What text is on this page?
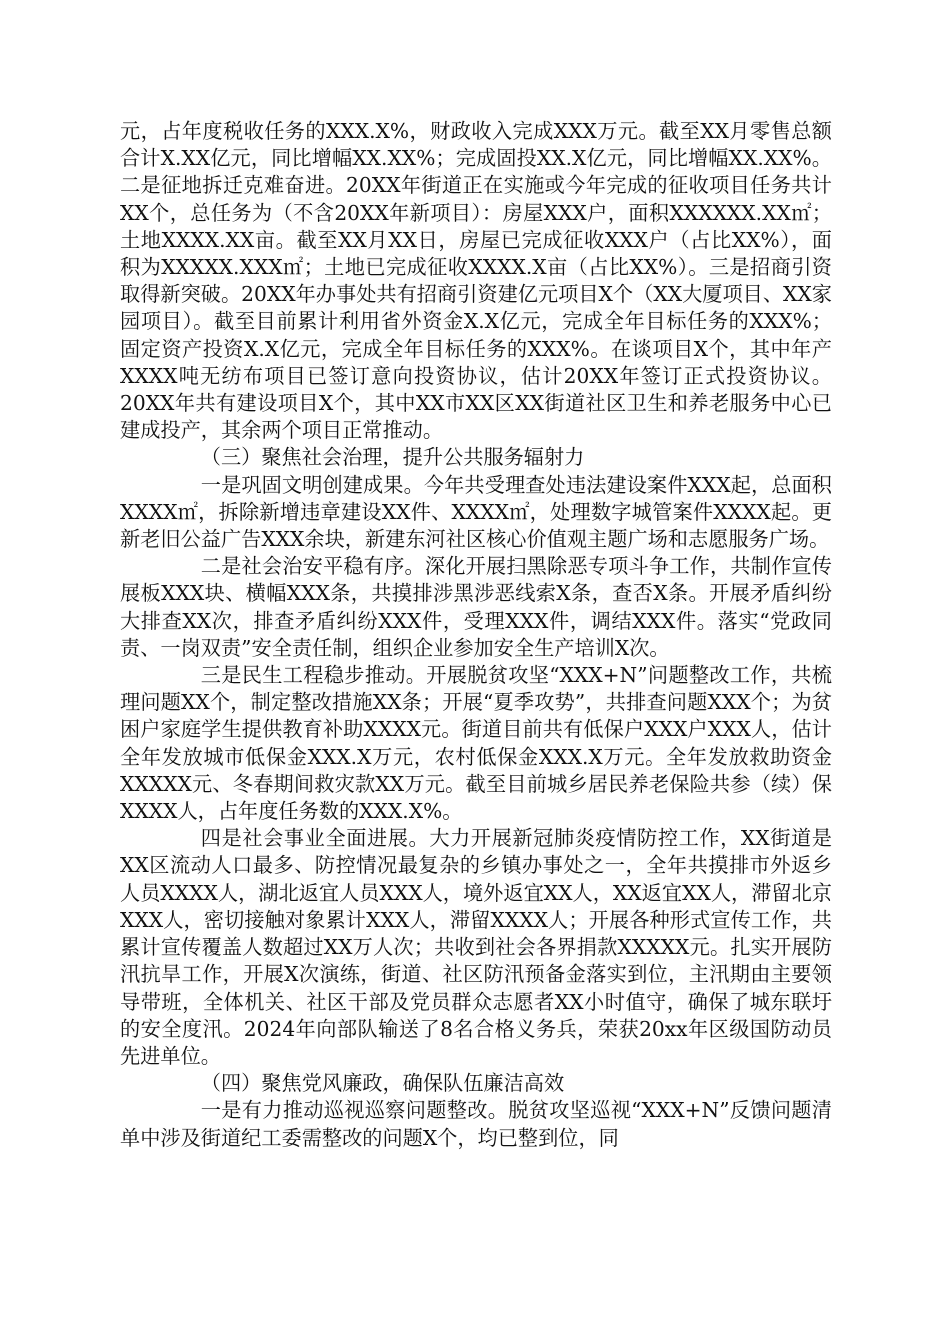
元，占年度税收任务的XXX.X%，财政收入完成XXX万元。截至XX月零售总额合计X.XX亿元，同比增幅XX.XX%；完成固投XX.X亿元，同比增幅XX.XX%。二是征地拆迁克难奋进。20XX年街道正在实施或今年完成的征收项目任务共计XX个，总任务为（不含20XX年新项目）：房屋XXX户，面积XXXXXX.XX㎡；土地XXXX.XX亩。截至XX月XX日，房屋已完成征收XXX户（占比XX%），面积为XXXXX.XXX㎡；土地已完成征收XXXX.X亩（占比XX%）。三是招商引资取得新突破。20XX年办事处共有招商引资建亿元项目X个（XX大厦项目、XX家园项目）。截至目前累计利用省外资金X.X亿元，完成全年目标任务的XXX%；固定资产投资X.X亿元，完成全年目标任务的XXX%。在谈项目X个，其中年产XXXX吨无纺布项目已签订意向投资协议，估计20XX年签订正式投资协议。20XX年共有建设项目X个，其中XX市XX区XX街道社区卫生和养老服务中心已建成投产，其余两个项目正常推动。

（三）聚焦社会治理，提升公共服务辐射力

一是巩固文明创建成果。今年共受理查处违法建设案件XXX起，总面积XXXX㎡，拆除新增违章建设XX件、XXXX㎡，处理数字城管案件XXXX起。更新老旧公益广告XXX余块，新建东河社区核心价值观主题广场和志愿服务广场。

二是社会治安平稳有序。深化开展扫黑除恶专项斗争工作，共制作宣传展板XXX块、横幅XXX条，共摸排涉黑涉恶线索X条，查否X条。开展矛盾纠纷大排查XX次，排查矛盾纠纷XXX件，受理XXX件，调结XXX件。落实“党政同责、一岗双责”安全责任制，组织企业参加安全生产培训X次。

三是民生工程稳步推动。开展脱贫攻坚“XXX+N”问题整改工作，共梳理问题XX个，制定整改措施XX条；开展“夏季攻势”，共排查问题XXX个；为贫困户家庭学生提供教育补助XXXX元。街道目前共有低保户XXX户XXX人，估计全年发放城市低保金XXX.X万元，农村低保金XXX.X万元。全年发放救助资金XXXXX元、冬春期间救灾款XX万元。截至目前城乡居民养老保险共参（续）保XXXX人，占年度任务数的XXX.X%。

四是社会事业全面进展。大力开展新冠肺炎疫情防控工作，XX街道是XX区流动人口最多、防控情况最复杂的乡镇办事处之一，全年共摸排市外返乡人员XXXX人，湖北返宜人员XXX人，境外返宜XX人，XX返宜XX人，滞留北京XXX人，密切接触对象累计XXX人，滞留XXXX人；开展各种形式宣传工作，共累计宣传覆盖人数超过XX万人次；共收到社会各界捐款XXXXX元。扎实开展防汛抗旱工作，开展X次演练，街道、社区防汛预备金落实到位，主汛期由主要领导带班，全体机关、社区干部及党员群众志愿者XX小时值守，确保了城东联圩的安全度汛。2024年向部队输送了8名合格义务兵，荣获20xx年区级国防动员先进单位。

（四）聚焦党风廉政，确保队伍廉洁高效

一是有力推动巡视巡察问题整改。脱贫攻坚巡视“XXX+N”反馈问题清单中涉及街道纪工委需整改的问题X个，均已整到位，同
